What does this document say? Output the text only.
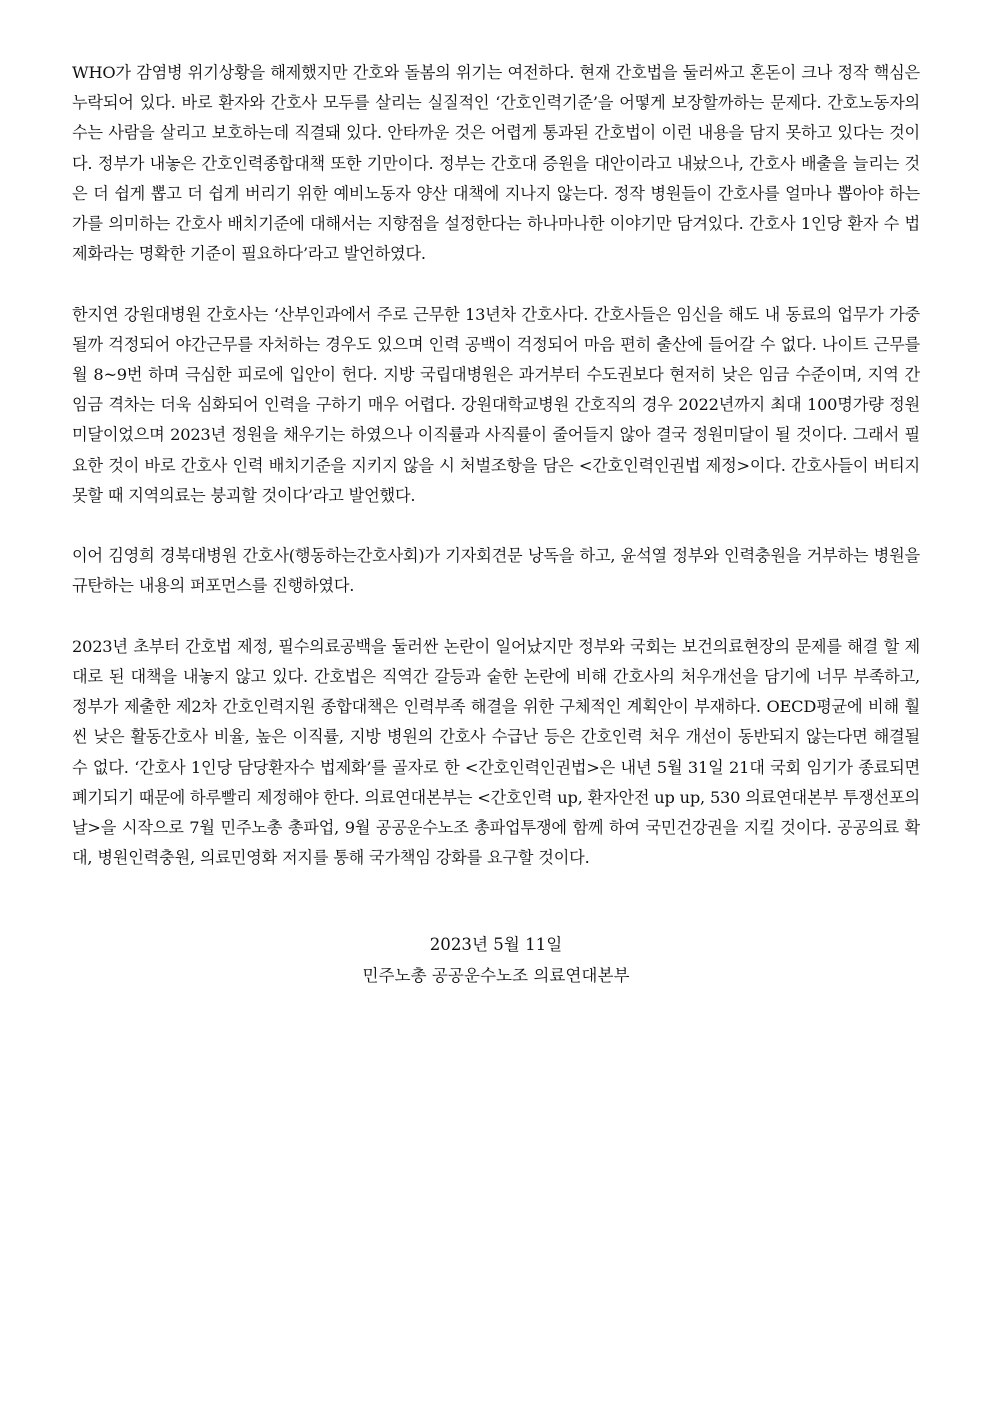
WHO가 감염병 위기상황을 해제했지만 간호와 돌봄의 위기는 여전하다. 현재 간호법을 둘러싸고 혼돈이 크나 정작 핵심은 누락되어 있다. 바로 환자와 간호사 모두를 살리는 실질적인 ‘간호인력기준’을 어떻게 보장할까하는 문제다. 간호노동자의 수는 사람을 살리고 보호하는데 직결돼 있다. 안타까운 것은 어렵게 통과된 간호법이 이런 내용을 담지 못하고 있다는 것이다. 정부가 내놓은 간호인력종합대책 또한 기만이다. 정부는 간호대 증원을 대안이라고 내놨으나, 간호사 배출을 늘리는 것은 더 쉽게 뽑고 더 쉽게 버리기 위한 예비노동자 양산 대책에 지나지 않는다. 정작 병원들이 간호사를 얼마나 뽑아야 하는가를 의미하는 간호사 배치기준에 대해서는 지향점을 설정한다는 하나마나한 이야기만 담겨있다. 간호사 1인당 환자 수 법제화라는 명확한 기준이 필요하다’라고 발언하였다.

한지연 강원대병원 간호사는 ‘산부인과에서 주로 근무한 13년차 간호사다. 간호사들은 임신을 해도 내 동료의 업무가 가중될까 걱정되어 야간근무를 자처하는 경우도 있으며 인력 공백이 걱정되어 마음 편히 출산에 들어갈 수 없다. 나이트 근무를 월 8~9번 하며 극심한 피로에 입안이 헌다. 지방 국립대병원은 과거부터 수도권보다 현저히 낮은 임금 수준이며, 지역 간 임금 격차는 더욱 심화되어 인력을 구하기 매우 어렵다. 강원대학교병원 간호직의 경우 2022년까지 최대 100명가량 정원미달이었으며 2023년 정원을 채우기는 하였으나 이직률과 사직률이 줄어들지 않아 결국 정원미달이 될 것이다. 그래서 필요한 것이 바로 간호사 인력 배치기준을 지키지 않을 시 처벌조항을 담은 <간호인력인권법 제정>이다. 간호사들이 버티지 못할 때 지역의료는 붕괴할 것이다’라고 발언했다.

이어 김영희 경북대병원 간호사(행동하는간호사회)가 기자회견문 낭독을 하고, 윤석열 정부와 인력충원을 거부하는 병원을 규탄하는 내용의 퍼포먼스를 진행하였다.

2023년 초부터 간호법 제정, 필수의료공백을 둘러싼 논란이 일어났지만 정부와 국회는 보건의료현장의 문제를 해결 할 제대로 된 대책을 내놓지 않고 있다. 간호법은 직역간 갈등과 숱한 논란에 비해 간호사의 처우개선을 담기에 너무 부족하고, 정부가 제출한 제2차 간호인력지원 종합대책은 인력부족 해결을 위한 구체적인 계획안이 부재하다. OECD평균에 비해 훨씬 낮은 활동간호사 비율, 높은 이직률, 지방 병원의 간호사 수급난 등은 간호인력 처우 개선이 동반되지 않는다면 해결될 수 없다. ‘간호사 1인당 담당환자수 법제화’를 골자로 한 <간호인력인권법>은 내년 5월 31일 21대 국회 임기가 종료되면 폐기되기 때문에 하루빨리 제정해야 한다. 의료연대본부는 <간호인력 up, 환자안전 up up, 530 의료연대본부 투쟁선포의 날>을 시작으로 7월 민주노총 총파업, 9월 공공운수노조 총파업투쟁에 함께 하여 국민건강권을 지킬 것이다. 공공의료 확대, 병원인력충원, 의료민영화 저지를 통해 국가책임 강화를 요구할 것이다.

2023년 5월 11일
민주노총 공공운수노조 의료연대본부
